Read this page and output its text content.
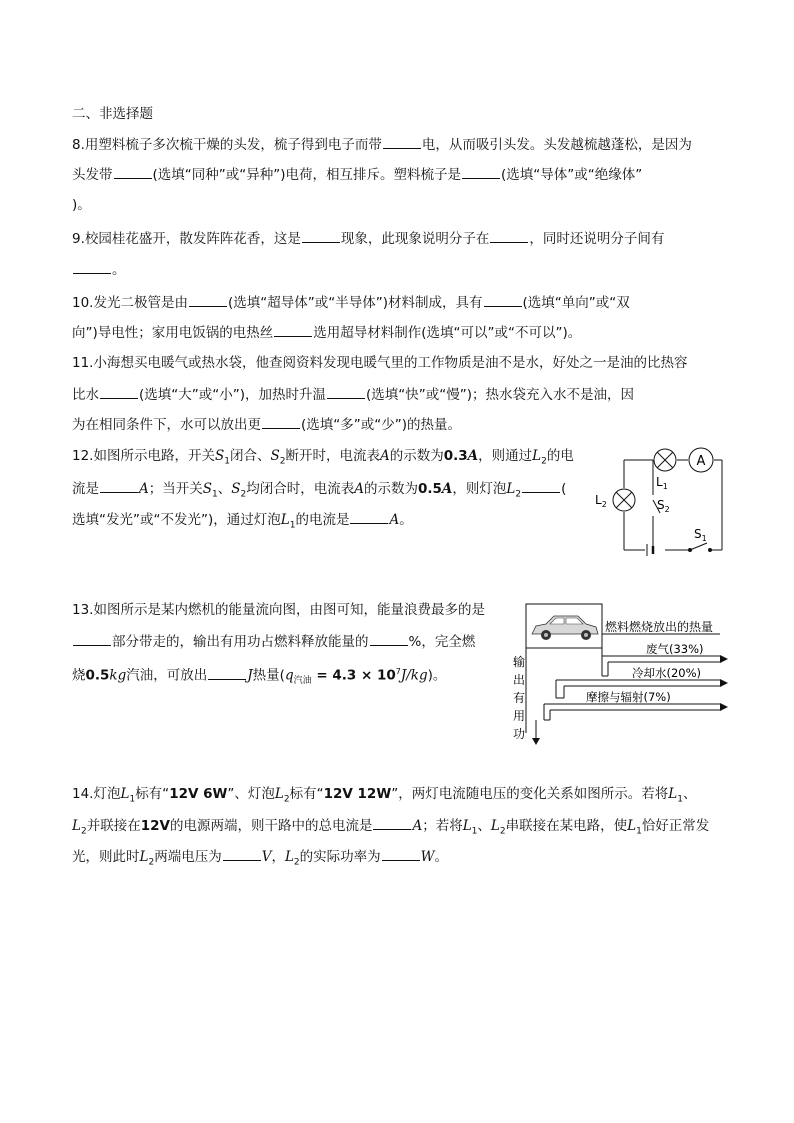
二、非选择题
8.用塑料梳子多次梳干燥的头发，梳子得到电子而带	电，从而吸引头发。头发越梳越蓬松，是因为
头发带	(选填“同种”或“异种”)电荷，相互排斥。塑料梳子是	(选填“导体”或“绝缘体”
)。
9.校园桂花盛开，散发阵阵花香，这是	现象，此现象说明分子在	，同时还说明分子间有
。
10.发光二极管是由	(选填“超导体”或“半导体”)材料制成，具有	(选填“单向”或“双
向”)导电性；家用电饭锅的电热丝	选用超导材料制作(选填“可以”或“不可以”)。
11.小海想买电暖气或热水袋，他查阅资料发现电暖气里的工作物质是油不是水，好处之一是油的比热容
比水	(选填“大”或“小”)，加热时升温	(选填“快”或“慢”)；热水袋充入水不是油，因
为在相同条件下，水可以放出更	(选填“多”或“少”)的热量。
12.如图所示电路，开关$S_1$闭合、$S_2$断开时，电流表A的示数为0.3A，则通过$L_2$的电
流是	A；当开关$S_1$、$S_2$均闭合时，电流表A的示数为0.5A，则灯泡$L_2$	(
选填“发光”或“不发光”)，通过灯泡$L_1$的电流是	A。
A
$L_1$
$L_2$	$S_2$
$S_1$
13.如图所示是某内燃机的能量流向图，由图可知，能量浪费最多的是
部分带走的，输出有用功占燃料释放能量的	%，完全燃
烧0.5kg汽油，可放出	J热量$(q_{汽油} = 4.3 \times 10^7J/kg)$。
燃料燃烧放出的热量
废气(33%)
冷却水(20%)
摩擦与辐射(7%)
输
出
有
用
功
14.灯泡$L_1$标有“12V 6W”、灯泡$L_2$标有“12V 12W”，两灯电流随电压的变化关系如图所示。若将$L_1$、
$L_2$并联接在12V的电源两端，则干路中的总电流是	A；若将$L_1$、$L_2$串联接在某电路，使$L_1$恰好正常发
光，则此时$L_2$两端电压为	V，$L_2$的实际功率为	W。
